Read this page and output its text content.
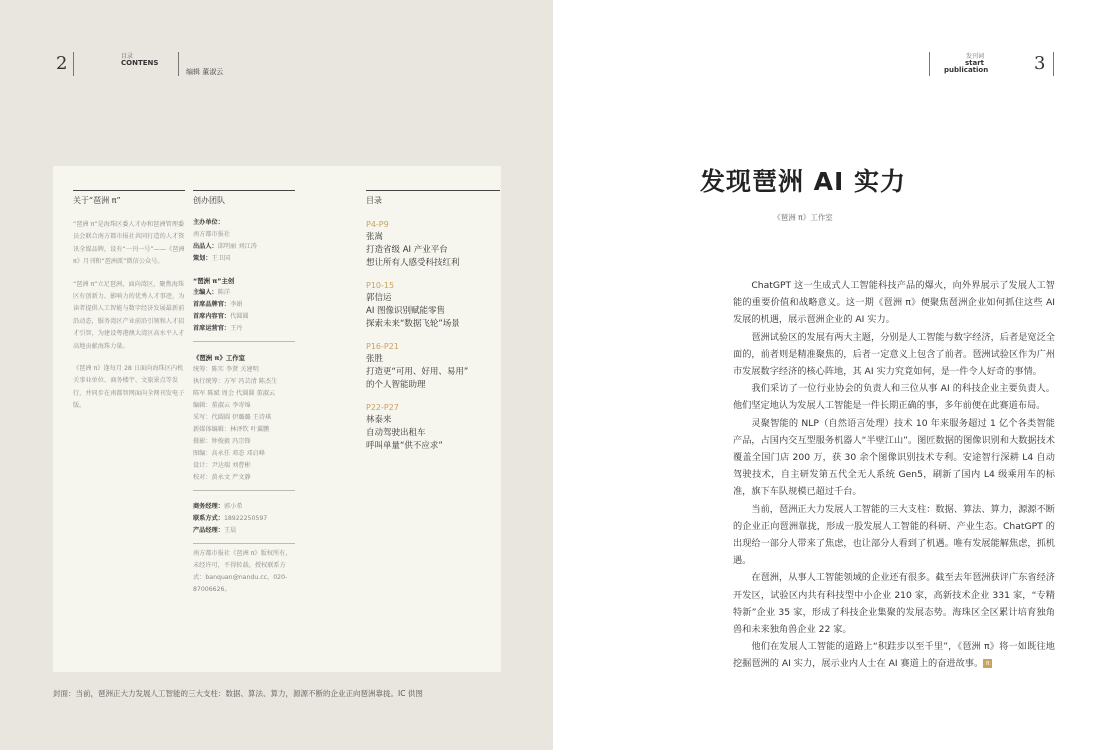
2	目录
CONTENS
编辑 董淑云
关于“琶洲 π”
“琶洲 π”是海珠区委人才办和琶洲管理委员会联合南方都市报社共同打造的人才资讯全媒品牌，设有“一刊一号”——《琶洲 π》月刊和“琶洲派”微信公众号。
“琶洲 π”立足琶洲，面向湾区，聚焦海珠区有创新力、影响力的优秀人才事迹，为读者提供人工智能与数字经济发展最新前沿动态，服务湾区产业前沿引领和人才招才引智，为建设粤港澳大湾区高水平人才高地贡献海珠力量。
《琶洲 π》逢每月 28 日面向海珠区内机关事业单位、商务楼宇、文旅景点等发行，并同步在南都智网面向全网刊发电子版。
创办团队
主办单位：
南方都市报社
出品人：邱明丽 刘江涛
策划：王卫国
“琶洲 π”主创
主编人：陈洋
首席品牌官：李娟
首席内容官：代圆圆
首席运营官：王丹
《琶洲 π》工作室
统筹：陈实 李贤 关建明
执行统筹：方军 冯芸清 陈杰生
陈军 陈斌 周会 代圆圆 董淑云
编辑：董淑云 李寄绵
采写：代圆圆 伊璐璐 王诗琪
新媒体编辑：林泽钦 叶翼鹏
摄影：钟俊毅 冯宗锋
图编：高永任 邓态 邓启峰
设计：尹达瑞 刘曹彬
校对：黄永文 严文静
商务经理：郭小希
联系方式：18922250597
产品经理：王晨
南方都市报社《琶洲 π》版权所有，未经许可，不得转载。授权联系方式：banquan@nandu.cc，020-87006626。
目录
P4-P9
张嵩
打造省级 AI 产业平台
想让所有人感受科技红利
P10-15
郭信运
AI 图像识别赋能零售
探索未来“数据飞轮”场景
P16-P21
张胜
打造更“可用、好用、易用”
的个人智能助理
P22-P27
林泰来
自动驾驶出租车
呼叫单量“供不应求”
封面：当前，琶洲正大力发展人工智能的三大支柱：数据、算法、算力，源源不断的企业正向琶洲靠拢。IC 供图
发刊词
start
publication	3
发现琶洲 AI 实力
《琶洲 π》工作室

ChatGPT 这一生成式人工智能科技产品的爆火，向外界展示了发展人工智能的重要价值和战略意义。这一期《琶洲 π》便聚焦琶洲企业如何抓住这些 AI 发展的机遇，展示琶洲企业的 AI 实力。

琶洲试验区的发展有两大主题，分别是人工智能与数字经济，后者是宽泛全面的，前者则是精准聚焦的，后者一定意义上包含了前者。琶洲试验区作为广州市发展数字经济的核心阵地，其 AI 实力究竟如何，是一件令人好奇的事情。

我们采访了一位行业协会的负责人和三位从事 AI 的科技企业主要负责人。他们坚定地认为发展人工智能是一件长期正确的事，多年前便在此赛道布局。

灵聚智能的 NLP（自然语言处理）技术 10 年来服务超过 1 亿个各类智能产品，占国内交互型服务机器人“半壁江山”。图匠数据的图像识别和大数据技术覆盖全国门店 200 万，获 30 余个图像识别技术专利。安途智行深耕 L4 自动驾驶技术，自主研发第五代全无人系统 Gen5，刷新了国内 L4 级乘用车的标准，旗下车队规模已超过千台。

当前，琶洲正大力发展人工智能的三大支柱：数据、算法、算力，源源不断的企业正向琶洲靠拢，形成一股发展人工智能的科研、产业生态。ChatGPT 的出现给一部分人带来了焦虑，也让部分人看到了机遇。唯有发展能解焦虑，抓机遇。

在琶洲，从事人工智能领域的企业还有很多。截至去年琶洲获评广东省经济开发区，试验区内共有科技型中小企业 210 家，高新技术企业 331 家，“专精特新”企业 35 家，形成了科技企业集聚的发展态势。海珠区全区累计培育独角兽和未来独角兽企业 22 家。

他们在发展人工智能的道路上“积跬步以至千里”，《琶洲 π》将一如既往地挖掘琶洲的 AI 实力，展示业内人士在 AI 赛道上的奋进故事。 π
